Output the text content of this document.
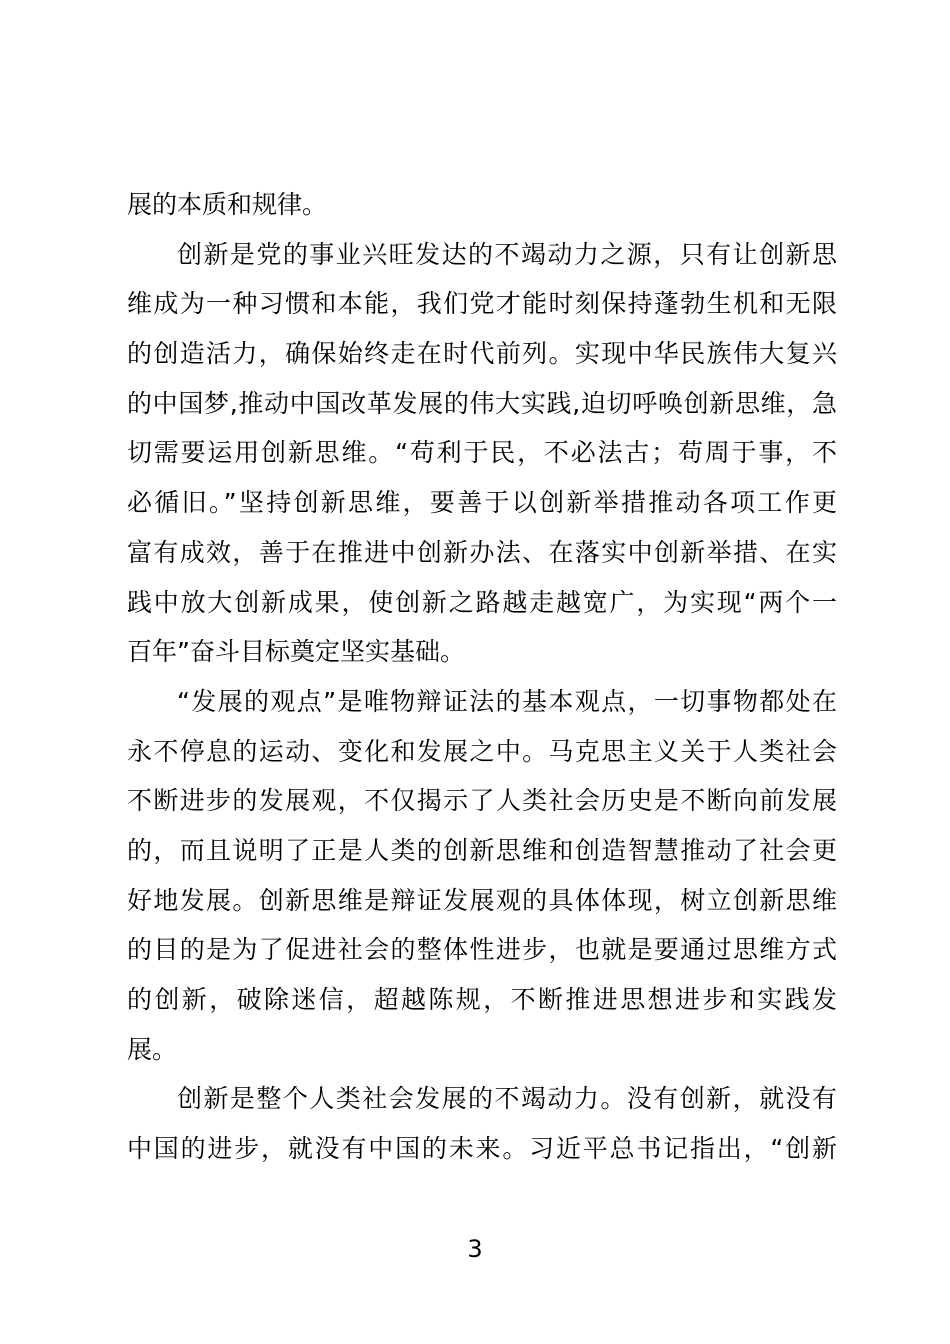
展的本质和规律。
创新是党的事业兴旺发达的不竭动力之源，只有让创新思
维成为一种习惯和本能，我们党才能时刻保持蓬勃生机和无限
的创造活力，确保始终走在时代前列。实现中华民族伟大复兴
的中国梦,推动中国改革发展的伟大实践,迫切呼唤创新思维，急
切需要运用创新思维。“苟利于民，不必法古；苟周于事，不
必循旧。”坚持创新思维，要善于以创新举措推动各项工作更
富有成效，善于在推进中创新办法、在落实中创新举措、在实
践中放大创新成果，使创新之路越走越宽广，为实现“两个一
百年”奋斗目标奠定坚实基础。
“发展的观点”是唯物辩证法的基本观点，一切事物都处在
永不停息的运动、变化和发展之中。马克思主义关于人类社会
不断进步的发展观，不仅揭示了人类社会历史是不断向前发展
的，而且说明了正是人类的创新思维和创造智慧推动了社会更
好地发展。创新思维是辩证发展观的具体体现，树立创新思维
的目的是为了促进社会的整体性进步，也就是要通过思维方式
的创新，破除迷信，超越陈规，不断推进思想进步和实践发
展。
创新是整个人类社会发展的不竭动力。没有创新，就没有
中国的进步，就没有中国的未来。习近平总书记指出，“创新
3
